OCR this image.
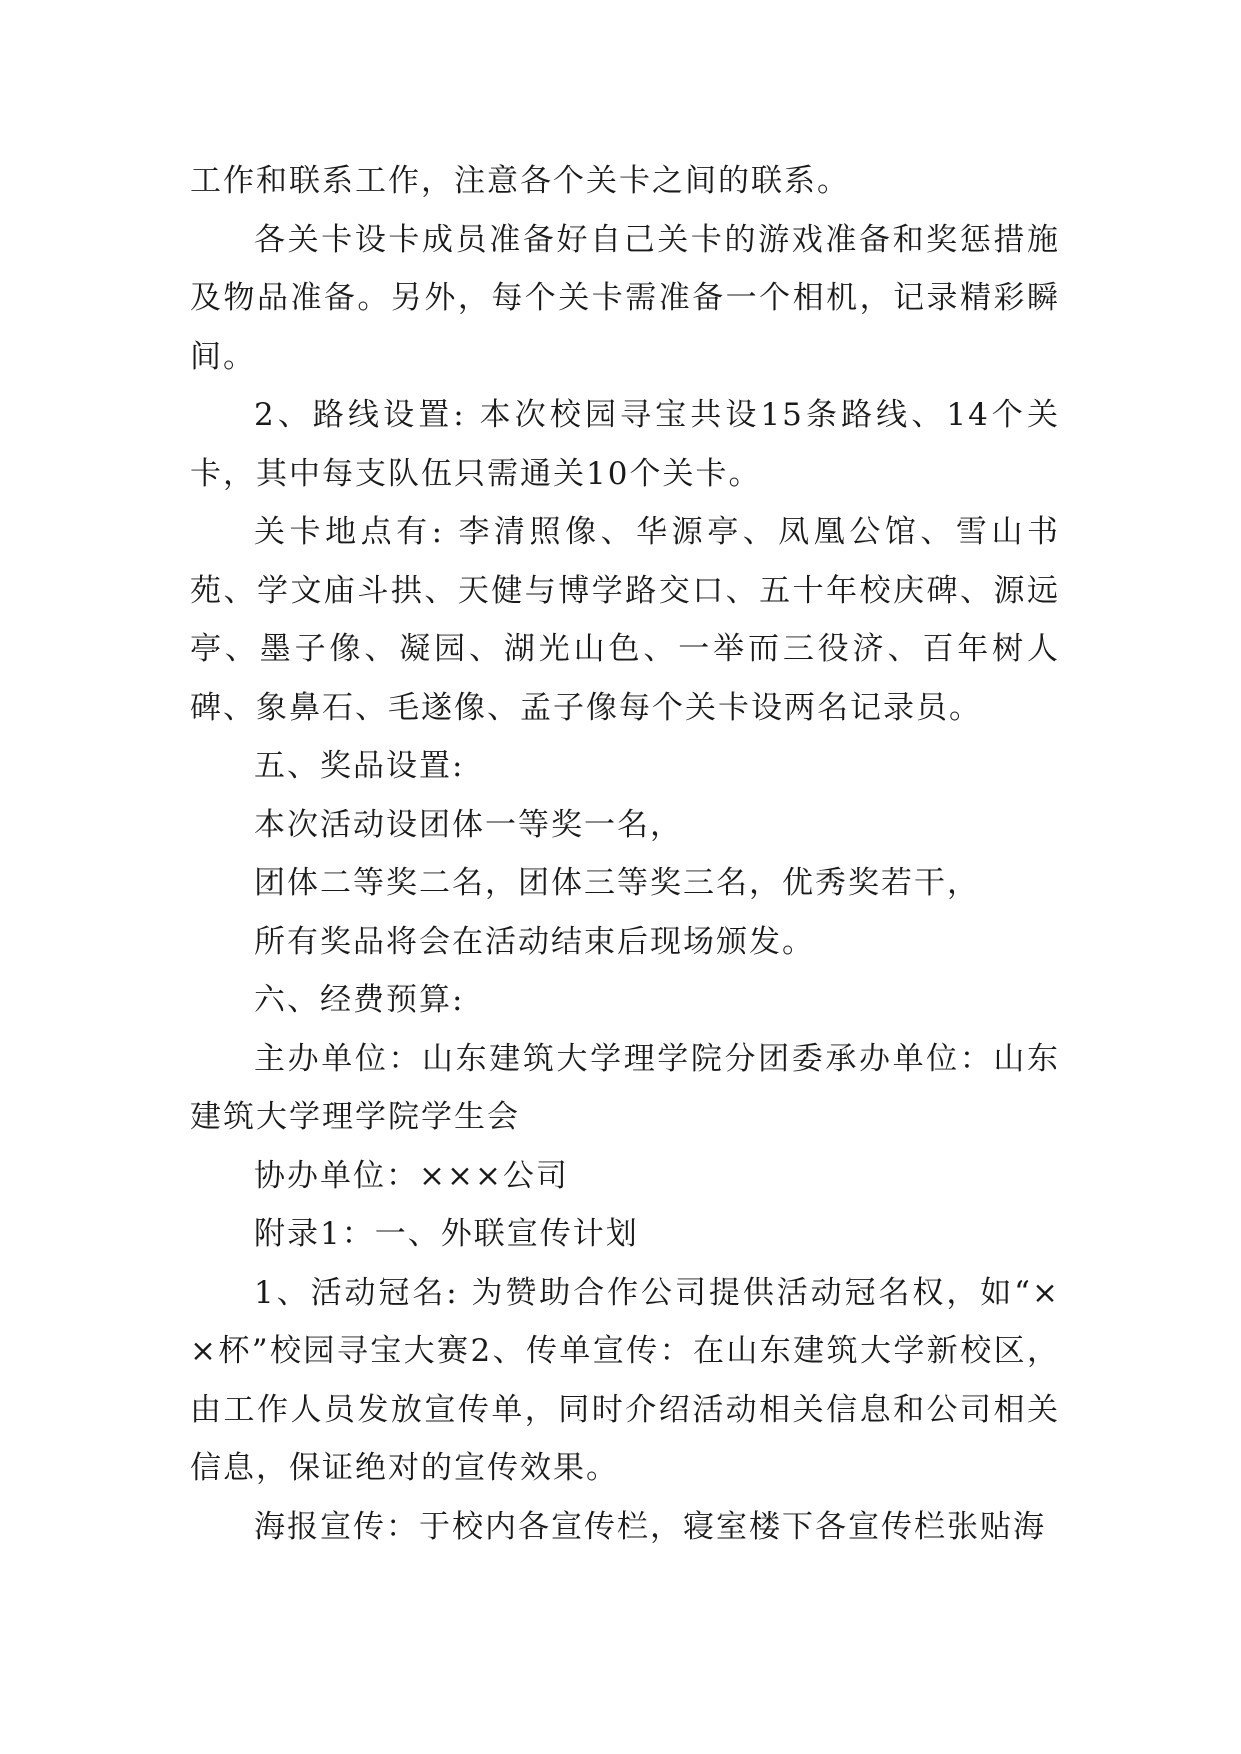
工作和联系工作，注意各个关卡之间的联系。

各关卡设卡成员准备好自己关卡的游戏准备和奖惩措施及物品准备。另外，每个关卡需准备一个相机，记录精彩瞬间。

2、路线设置: 本次校园寻宝共设15条路线、14个关卡，其中每支队伍只需通关10个关卡。

关卡地点有: 李清照像、华源亭、凤凰公馆、雪山书苑、学文庙斗拱、天健与博学路交口、五十年校庆碑、源远亭、墨子像、凝园、湖光山色、一举而三役济、百年树人碑、象鼻石、毛遂像、孟子像每个关卡设两名记录员。

五、奖品设置:

本次活动设团体一等奖一名，

团体二等奖二名，团体三等奖三名，优秀奖若干，

所有奖品将会在活动结束后现场颁发。

六、经费预算:

主办单位：山东建筑大学理学院分团委承办单位：山东建筑大学理学院学生会

协办单位：×××公司

附录1：一、外联宣传计划

1、活动冠名: 为赞助合作公司提供活动冠名权，如“××杯”校园寻宝大赛2、传单宣传：在山东建筑大学新校区，由工作人员发放宣传单，同时介绍活动相关信息和公司相关信息，保证绝对的宣传效果。

海报宣传：于校内各宣传栏，寝室楼下各宣传栏张贴海
